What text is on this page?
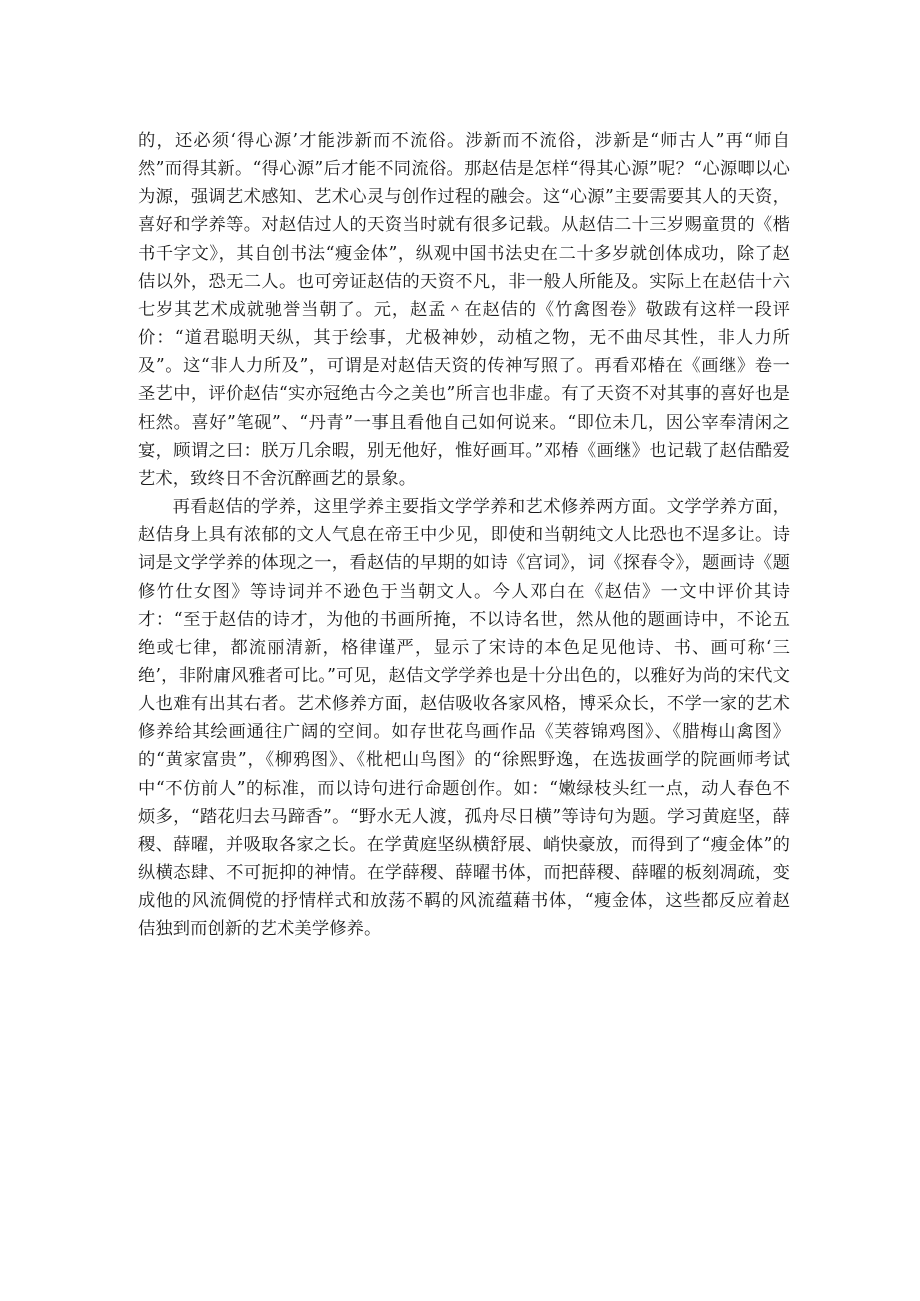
的，还必须‘得心源’才能涉新而不流俗。涉新而不流俗，涉新是“师古人”再“师自然”而得其新。“得心源”后才能不同流俗。那赵佶是怎样“得其心源”呢？“心源唧以心为源，强调艺术感知、艺术心灵与创作过程的融会。这“心源”主要需要其人的天资，喜好和学养等。对赵佶过人的天资当时就有很多记载。从赵佶二十三岁赐童贯的《楷书千字文》，其自创书法“瘦金体”，纵观中国书法史在二十多岁就创体成功，除了赵佶以外，恐无二人。也可旁证赵佶的天资不凡，非一般人所能及。实际上在赵佶十六七岁其艺术成就驰誉当朝了。元，赵孟＾在赵佶的《竹禽图卷》敬跋有这样一段评价：“道君聪明天纵，其于绘事，尤极神妙，动植之物，无不曲尽其性，非人力所及”。这“非人力所及”，可谓是对赵佶天资的传神写照了。再看邓椿在《画继》卷一圣艺中，评价赵佶“实亦冠绝古今之美也”所言也非虚。有了天资不对其事的喜好也是枉然。喜好”笔砚”、“丹青”一事且看他自己如何说来。“即位未几，因公宰奉清闲之宴，顾谓之曰：朕万几余暇，别无他好，惟好画耳。”邓椿《画继》也记载了赵佶酷爱艺术，致终日不舍沉醉画艺的景象。

再看赵佶的学养，这里学养主要指文学学养和艺术修养两方面。文学学养方面，赵佶身上具有浓郁的文人气息在帝王中少见，即使和当朝纯文人比恐也不逞多让。诗词是文学学养的体现之一，看赵佶的早期的如诗《宫词》，词《探春令》，题画诗《题修竹仕女图》等诗词并不逊色于当朝文人。今人邓白在《赵佶》一文中评价其诗才：“至于赵佶的诗才，为他的书画所掩，不以诗名世，然从他的题画诗中，不论五绝或七律，都流丽清新，格律谨严，显示了宋诗的本色足见他诗、书、画可称‘三绝’，非附庸风雅者可比。”可见，赵佶文学学养也是十分出色的，以雅好为尚的宋代文人也难有出其右者。艺术修养方面，赵佶吸收各家风格，博采众长，不学一家的艺术修养给其绘画通往广阔的空间。如存世花鸟画作品《芙蓉锦鸡图》、《腊梅山禽图》的“黄家富贵”，《柳鸦图》、《枇杷山鸟图》的“徐熙野逸，在选拔画学的院画师考试中“不仿前人”的标准，而以诗句进行命题创作。如：“嫩绿枝头红一点，动人春色不烦多，“踏花归去马蹄香”。“野水无人渡，孤舟尽日横”等诗句为题。学习黄庭坚，薛稷、薛曜，并吸取各家之长。在学黄庭坚纵横舒展、峭快豪放，而得到了“瘦金体”的纵横态肆、不可扼抑的神情。在学薛稷、薛曜书体，而把薛稷、薛曜的板刻凋疏，变成他的风流倜傥的抒情样式和放荡不羁的风流蕴藉书体，“瘦金体，这些都反应着赵佶独到而创新的艺术美学修养。
